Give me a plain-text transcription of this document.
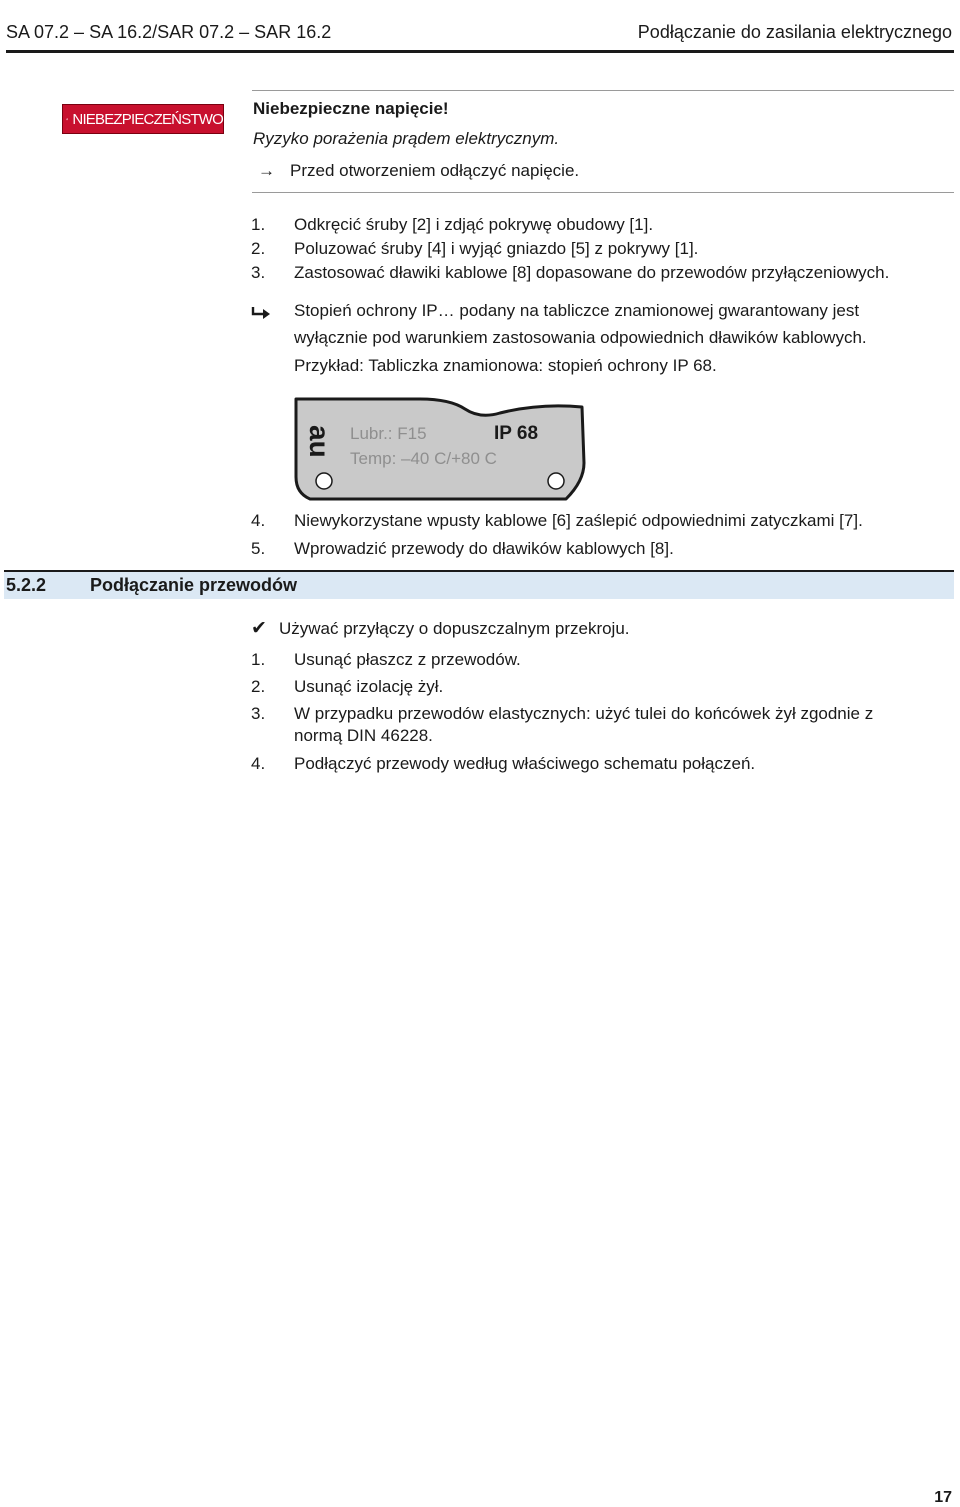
SA 07.2 – SA 16.2/SAR 07.2 – SAR 16.2	Podłączanie do zasilania elektrycznego
NIEBEZPIECZEŃSTWO
Niebezpieczne napięcie!
Ryzyko porażenia prądem elektrycznym.
→ Przed otworzeniem odłączyć napięcie.
1. Odkręcić śruby [2] i zdjąć pokrywę obudowy [1].
2. Poluzować śruby [4] i wyjąć gniazdo [5] z pokrywy [1].
3. Zastosować dławiki kablowe [8] dopasowane do przewodów przyłączeniowych.
Stopień ochrony IP… podany na tabliczce znamionowej gwarantowany jest
wyłącznie pod warunkiem zastosowania odpowiednich dławików kablowych.
Przykład: Tabliczka znamionowa: stopień ochrony IP 68.
au Lubr.: F15	IP 68
Temp: –40 C/+80 C
4. Niewykorzystane wpusty kablowe [6] zaślepić odpowiednimi zatyczkami [7].
5. Wprowadzić przewody do dławików kablowych [8].
5.2.2 Podłączanie przewodów
✔ Używać przyłączy o dopuszczalnym przekroju.
1. Usunąć płaszcz z przewodów.
2. Usunąć izolację żył.
3. W przypadku przewodów elastycznych: użyć tulei do końcówek żył zgodnie z
normą DIN 46228.
4. Podłączyć przewody według właściwego schematu połączeń.
17
